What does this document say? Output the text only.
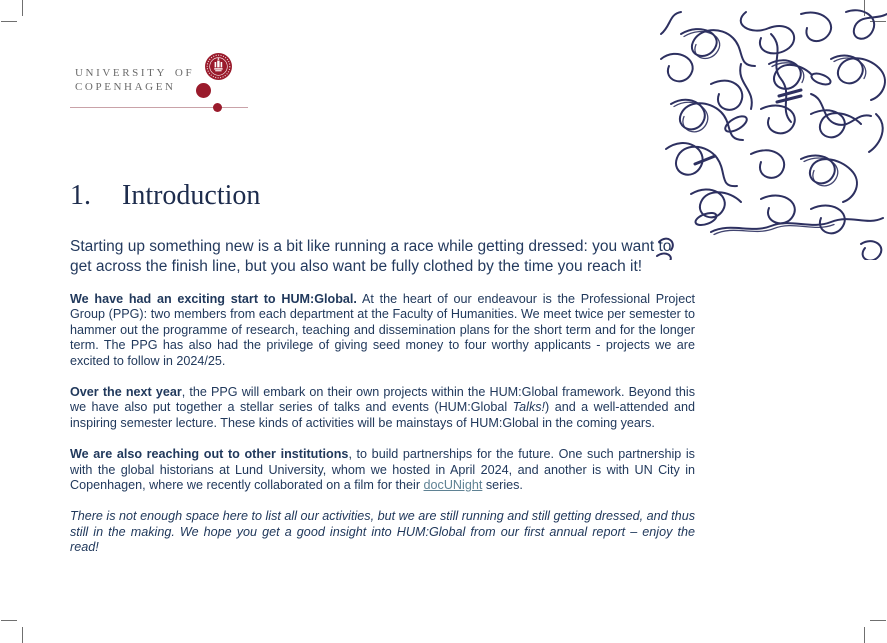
UNIVERSITY OF
COPENHAGEN
1. Introduction

Starting up something new is a bit like running a race while getting dressed: you want to get across the finish line, but you also want be fully clothed by the time you reach it!

We have had an exciting start to HUM:Global. At the heart of our endeavour is the Professional Project Group (PPG): two members from each department at the Faculty of Humanities. We meet twice per semester to hammer out the programme of research, teaching and dissemination plans for the short term and for the longer term. The PPG has also had the privilege of giving seed money to four worthy applicants - projects we are excited to follow in 2024/25.

Over the next year, the PPG will embark on their own projects within the HUM:Global framework. Beyond this we have also put together a stellar series of talks and events (HUM:Global Talks!) and a well-attended and inspiring semester lecture. These kinds of activities will be mainstays of HUM:Global in the coming years.

We are also reaching out to other institutions, to build partnerships for the future. One such partnership is with the global historians at Lund University, whom we hosted in April 2024, and another is with UN City in Copenhagen, where we recently collaborated on a film for their docUNight series.

There is not enough space here to list all our activities, but we are still running and still getting dressed, and thus still in the making. We hope you get a good insight into HUM:Global from our first annual report – enjoy the read!
